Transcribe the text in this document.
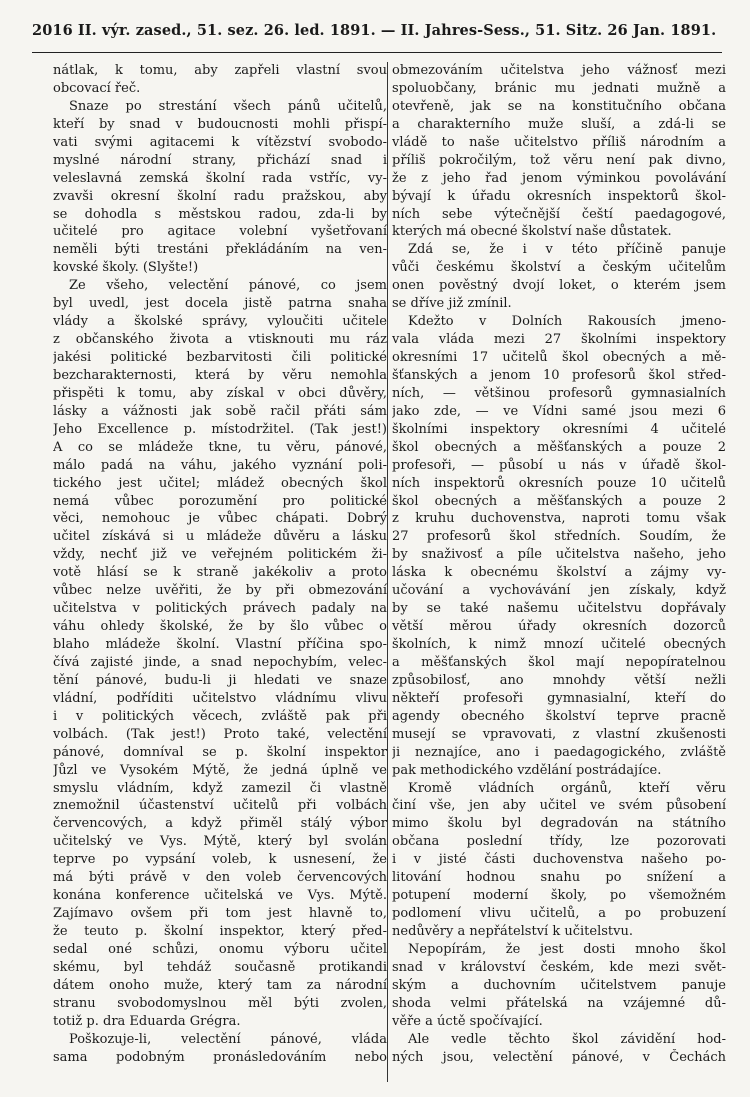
2016 II. výr. zased., 51. sez. 26. led. 1891. — II. Jahres-Sess., 51. Sitz. 26 Jan. 1891.
nátlak, k tomu, aby zapřeli vlastní svou
obcovací řeč.
Snaze po strestání všech pánů učitelů,
kteří by snad v budoucnosti mohli přispí-
vati svými agitacemi k vítězství svobodo-
myslné národní strany, přichází snad i
veleslavná zemská školní rada vstříc, vy-
zvavši okresní školní radu pražskou, aby
se dohodla s městskou radou, zda-li by
učitelé pro agitace volební vyšetřovaní
neměli býti trestáni překládáním na ven-
kovské školy. (Slyšte!)
Ze všeho, velectění pánové, co jsem
byl uvedl, jest docela jistě patrna snaha
vlády a školské správy, vyloučiti učitele
z občanského života a vtisknouti mu ráz
jakési politické bezbarvitosti čili politické
bezcharakternosti, která by věru nemohla
přispěti k tomu, aby získal v obci důvěry,
lásky a vážnosti jak sobě račil přáti sám
Jeho Excellence p. místodržitel. (Tak jest!)
A co se mládeže tkne, tu věru, pánové,
málo padá na váhu, jakého vyznání poli-
tického jest učitel; mládež obecných škol
nemá vůbec porozumění pro politické
věci, nemohouc je vůbec chápati. Dobrý
učitel získává si u mládeže důvěru a lásku
vždy, nechť již ve veřejném politickém ži-
votě hlásí se k straně jakékoliv a proto
vůbec nelze uvěřiti, že by při obmezování
učitelstva v politických právech padaly na
váhu ohledy školské, že by šlo vůbec o
blaho mládeže školní. Vlastní příčina spo-
čívá zajisté jinde, a snad nepochybím, velec-
tění pánové, budu-li ji hledati ve snaze
vládní, podříditi učitelstvo vládnímu vlivu
i v politických věcech, zvláště pak při
volbách. (Tak jest!) Proto také, velectění
pánové, domníval se p. školní inspektor
Jůzl ve Vysokém Mýtě, že jedná úplně ve
smyslu vládním, když zamezil či vlastně
znemožnil účastenství učitelů při volbách
červencových, a když přiměl stálý výbor
učitelský ve Vys. Mýtě, který byl svolán
teprve po vypsání voleb, k usnesení, že
má býti právě v den voleb červencových
konána konference učitelská ve Vys. Mýtě.
Zajímavo ovšem při tom jest hlavně to,
že teuto p. školní inspektor, který před-
sedal oné schůzi, onomu výboru učitel
skému, byl tehdáž současně protikandi
dátem onoho muže, který tam za národní
stranu svobodomyslnou měl býti zvolen,
totiž p. dra Eduarda Grégra.
Poškozuje-li, velectění pánové, vláda
sama podobným pronásledováním nebo
obmezováním učitelstva jeho vážnosť mezi
spoluobčany, bránic mu jednati mužně a
otevřeně, jak se na konstitučního občana
a charakterního muže sluší, a zdá-li se
vládě to naše učitelstvo příliš národním a
příliš pokročilým, tož věru není pak divno,
že z jeho řad jenom výminkou povolávání
bývají k úřadu okresních inspektorů škol-
ních sebe výtečnější čeští paedagogové,
kterých má obecné školství naše důstatek.
Zdá se, že i v této příčině panuje
vůči českému školství a českým učitelům
onen pověstný dvojí loket, o kterém jsem
se dříve již zmínil.
Kdežto v Dolních Rakousích jmeno-
vala vláda mezi 27 školními inspektory
okresními 17 učitelů škol obecných a mě-
šťanských a jenom 10 profesorů škol střed-
ních, — většinou profesorů gymnasialních
jako zde, — ve Vídni samé jsou mezi 6
školními inspektory okresními 4 učitelé
škol obecných a měšťanských a pouze 2
profesoři, — působí u nás v úřadě škol-
ních inspektorů okresních pouze 10 učitelů
škol obecných a měšťanských a pouze 2
z kruhu duchovenstva, naproti tomu však
27 profesorů škol středních. Soudím, že
by snaživosť a píle učitelstva našeho, jeho
láska k obecnému školství a zájmy vy-
učování a vychovávání jen získaly, když
by se také našemu učitelstvu dopřávaly
větší měrou úřady okresních dozorců
školních, k nimž mnozí učitelé obecných
a měšťanských škol mají nepopíratelnou
způsobilosť, ano mnohdy větší nežli
někteří profesoři gymnasialní, kteří do
agendy obecného školství teprve pracně
musejí se vpravovati, z vlastní zkušenosti
ji neznajíce, ano i paedagogického, zvláště
pak methodického vzdělání postrádajíce.
Kromě vládních orgánů, kteří věru
činí vše, jen aby učitel ve svém působení
mimo školu byl degradován na státního
občana poslední třídy, lze pozorovati
i v jisté části duchovenstva našeho po-
litování hodnou snahu po snížení a
potupení moderní školy, po všemožném
podlomení vlivu učitelů, a po probuzení
nedůvěry a nepřátelství k učitelstvu.
Nepopírám, že jest dosti mnoho škol
snad v království českém, kde mezi svět-
ským a duchovním učitelstvem panuje
shoda velmi přátelská na vzájemné dů-
věře a úctě spočívající.
Ale vedle těchto škol závidění hod-
ných jsou, velectění pánové, v Čechách
